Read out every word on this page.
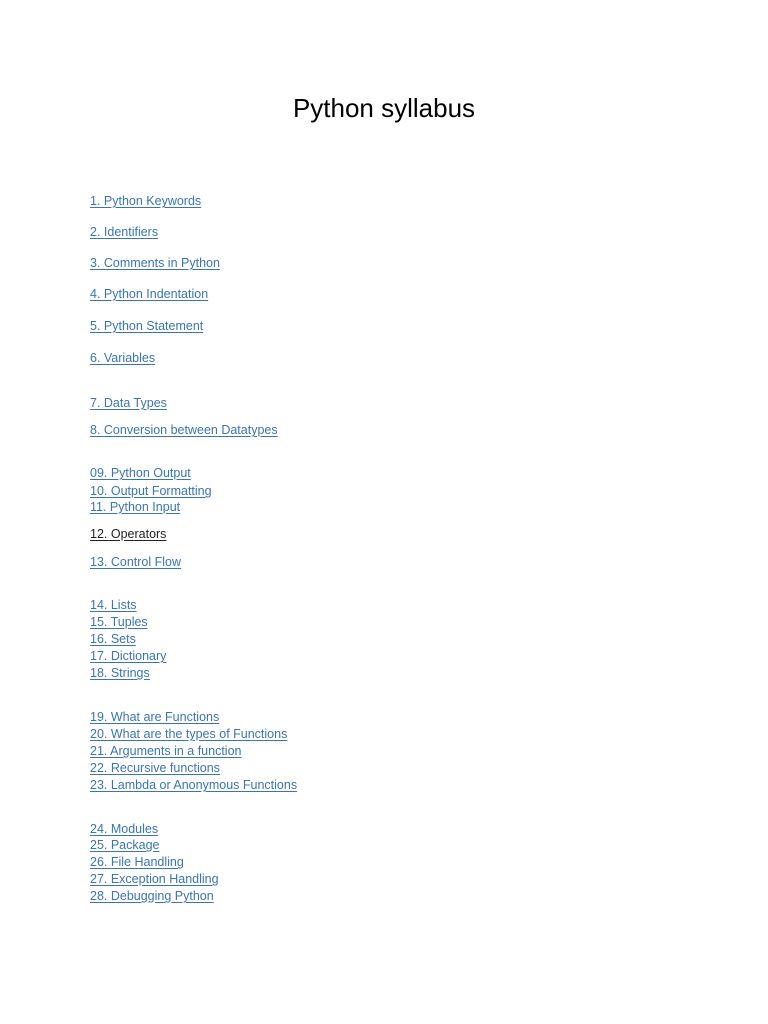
Python syllabus
1. Python Keywords
2. Identifiers
3. Comments in Python
4. Python Indentation
5. Python Statement
6. Variables
7. Data Types
8. Conversion between Datatypes
09. Python Output
10. Output Formatting
11. Python Input
12. Operators
13. Control Flow
14. Lists
15. Tuples
16. Sets
17. Dictionary
18. Strings
19. What are Functions
20. What are the types of Functions
21. Arguments in a function
22. Recursive functions
23. Lambda or Anonymous Functions
24. Modules
25. Package
26. File Handling
27. Exception Handling
28. Debugging Python
